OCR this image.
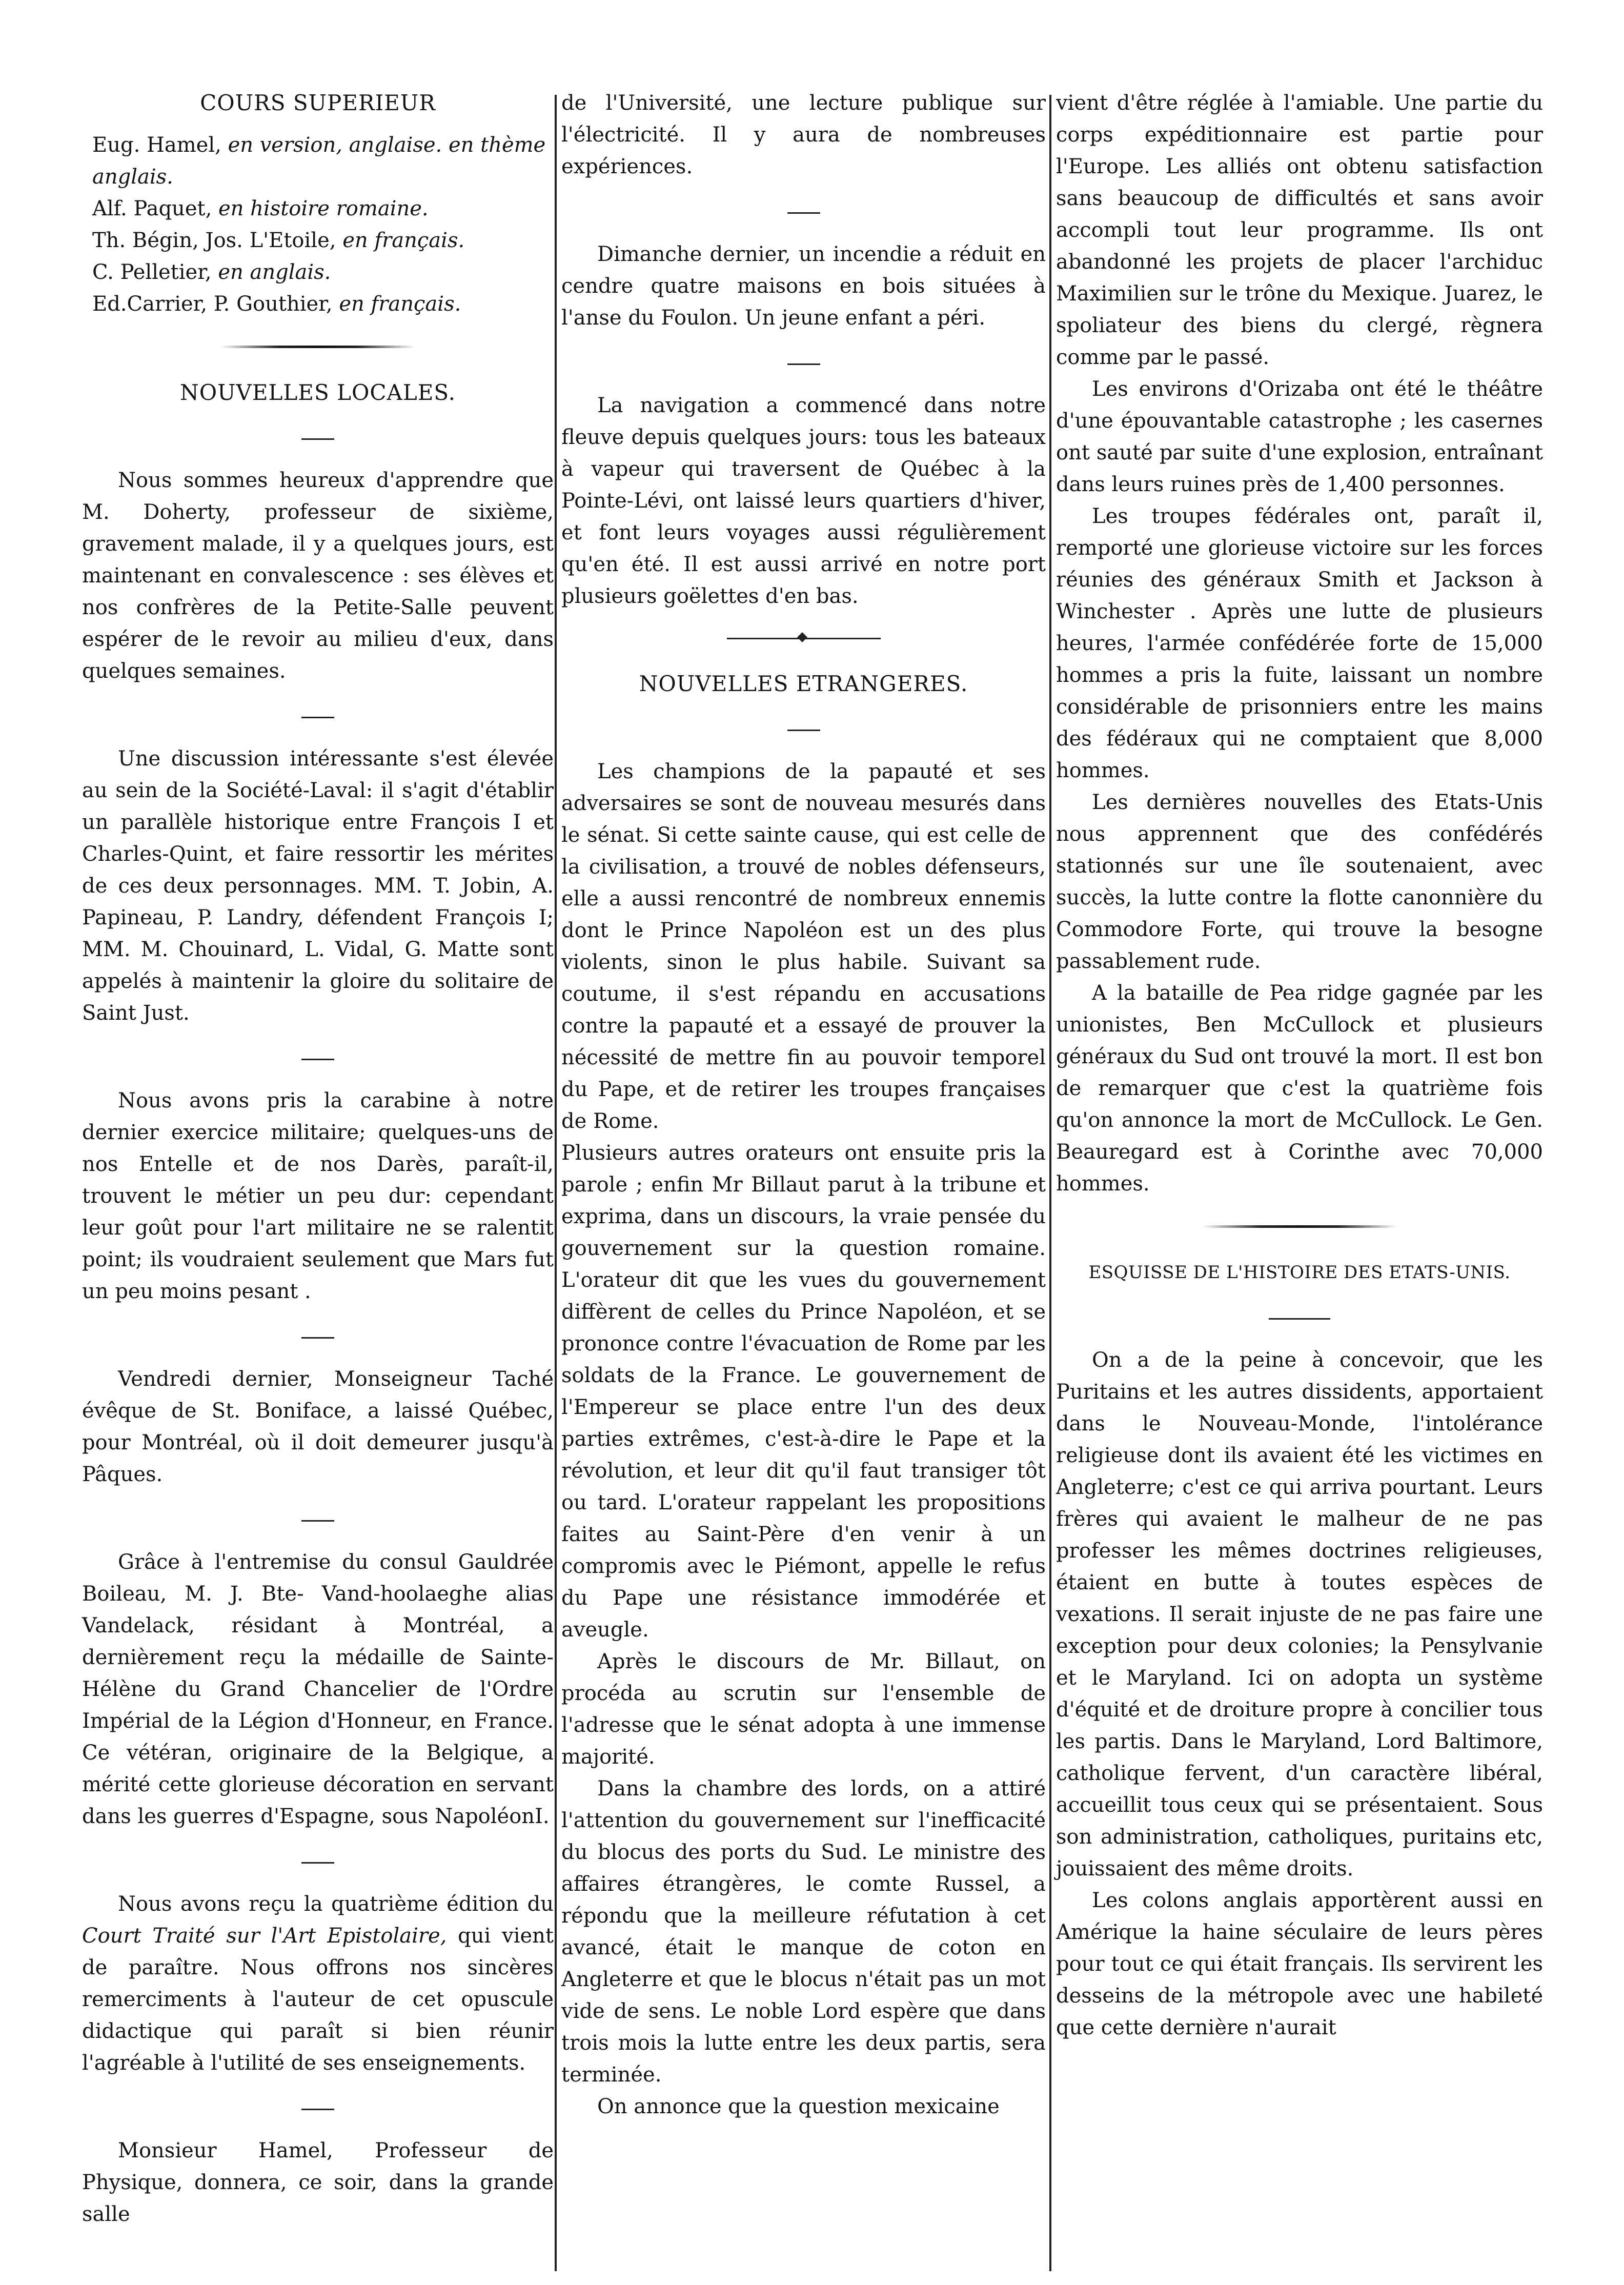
COURS SUPERIEUR

Eug. Hamel, en version, anglaise. en thème anglais.

Alf. Paquet, en histoire romaine.

Th. Bégin, Jos. L'Etoile, en français.

C. Pelletier, en anglais.

Ed.Carrier, P. Gouthier, en français.

NOUVELLES LOCALES.

Nous sommes heureux d'apprendre que M. Doherty, professeur de sixième, gravement malade, il y a quelques jours, est maintenant en convalescence : ses élèves et nos confrères de la Petite-Salle peuvent espérer de le revoir au milieu d'eux, dans quelques semaines.

Une discussion intéressante s'est élevée au sein de la Société-Laval: il s'agit d'établir un parallèle historique entre François I et Charles-Quint, et faire ressortir les mérites de ces deux personnages. MM. T. Jobin, A. Papineau, P. Landry, défendent François I; MM. M. Chouinard, L. Vidal, G. Matte sont appelés à maintenir la gloire du solitaire de Saint Just.

Nous avons pris la carabine à notre dernier exercice militaire; quelques-uns de nos Entelle et de nos Darès, paraît-il, trouvent le métier un peu dur: cependant leur goût pour l'art militaire ne se ralentit point; ils voudraient seulement que Mars fut un peu moins pesant .

Vendredi dernier, Monseigneur Taché évêque de St. Boniface, a laissé Québec, pour Montréal, où il doit demeurer jusqu'à Pâques.

Grâce à l'entremise du consul Gauldrée Boileau, M. J. Bte- Vand-hoolaeghe alias Vandelack, résidant à Montréal, a dernièrement reçu la médaille de Sainte-Hélène du Grand Chancelier de l'Ordre Impérial de la Légion d'Honneur, en France. Ce vétéran, originaire de la Belgique, a mérité cette glorieuse décoration en servant dans les guerres d'Espagne, sous NapoléonI.

Nous avons reçu la quatrième édition du Court Traité sur l'Art Epistolaire, qui vient de paraître. Nous offrons nos sincères remerciments à l'auteur de cet opuscule didactique qui paraît si bien réunir l'agréable à l'utilité de ses enseignements.

Monsieur Hamel, Professeur de Physique, donnera, ce soir, dans la grande salle

de l'Université, une lecture publique sur l'électricité. Il y aura de nombreuses expériences.

Dimanche dernier, un incendie a réduit en cendre quatre maisons en bois situées à l'anse du Foulon. Un jeune enfant a péri.

La navigation a commencé dans notre fleuve depuis quelques jours: tous les bateaux à vapeur qui traversent de Québec à la Pointe-Lévi, ont laissé leurs quartiers d'hiver, et font leurs voyages aussi régulièrement qu'en été. Il est aussi arrivé en notre port plusieurs goëlettes d'en bas.

NOUVELLES ETRANGERES.

Les champions de la papauté et ses adversaires se sont de nouveau mesurés dans le sénat. Si cette sainte cause, qui est celle de la civilisation, a trouvé de nobles défenseurs, elle a aussi rencontré de nombreux ennemis dont le Prince Napoléon est un des plus violents, sinon le plus habile. Suivant sa coutume, il s'est répandu en accusations contre la papauté et a essayé de prouver la nécessité de mettre fin au pouvoir temporel du Pape, et de retirer les troupes françaises de Rome.

Plusieurs autres orateurs ont ensuite pris la parole ; enfin Mr Billaut parut à la tribune et exprima, dans un discours, la vraie pensée du gouvernement sur la question romaine. L'orateur dit que les vues du gouvernement diffèrent de celles du Prince Napoléon, et se prononce contre l'évacuation de Rome par les soldats de la France. Le gouvernement de l'Empereur se place entre l'un des deux parties extrêmes, c'est-à-dire le Pape et la révolution, et leur dit qu'il faut transiger tôt ou tard. L'orateur rappelant les propositions faites au Saint-Père d'en venir à un compromis avec le Piémont, appelle le refus du Pape une résistance immodérée et aveugle.

Après le discours de Mr. Billaut, on procéda au scrutin sur l'ensemble de l'adresse que le sénat adopta à une immense majorité.

Dans la chambre des lords, on a attiré l'attention du gouvernement sur l'inefficacité du blocus des ports du Sud. Le ministre des affaires étrangères, le comte Russel, a répondu que la meilleure réfutation à cet avancé, était le manque de coton en Angleterre et que le blocus n'était pas un mot vide de sens. Le noble Lord espère que dans trois mois la lutte entre les deux partis, sera terminée.

On annonce que la question mexicaine

vient d'être réglée à l'amiable. Une partie du corps expéditionnaire est partie pour l'Europe. Les alliés ont obtenu satisfaction sans beaucoup de difficultés et sans avoir accompli tout leur programme. Ils ont abandonné les projets de placer l'archiduc Maximilien sur le trône du Mexique. Juarez, le spoliateur des biens du clergé, règnera comme par le passé.

Les environs d'Orizaba ont été le théâtre d'une épouvantable catastrophe ; les casernes ont sauté par suite d'une explosion, entraînant dans leurs ruines près de 1,400 personnes.

Les troupes fédérales ont, paraît il, remporté une glorieuse victoire sur les forces réunies des généraux Smith et Jackson à Winchester . Après une lutte de plusieurs heures, l'armée confédérée forte de 15,000 hommes a pris la fuite, laissant un nombre considérable de prisonniers entre les mains des fédéraux qui ne comptaient que 8,000 hommes.

Les dernières nouvelles des Etats-Unis nous apprennent que des confédérés stationnés sur une île soutenaient, avec succès, la lutte contre la flotte canonnière du Commodore Forte, qui trouve la besogne passablement rude.

A la bataille de Pea ridge gagnée par les unionistes, Ben McCullock et plusieurs généraux du Sud ont trouvé la mort. Il est bon de remarquer que c'est la quatrième fois qu'on annonce la mort de McCullock. Le Gen. Beauregard est à Corinthe avec 70,000 hommes.

ESQUISSE DE L'HISTOIRE DES ETATS-UNIS.

On a de la peine à concevoir, que les Puritains et les autres dissidents, apportaient dans le Nouveau-Monde, l'intolérance religieuse dont ils avaient été les victimes en Angleterre; c'est ce qui arriva pourtant. Leurs frères qui avaient le malheur de ne pas professer les mêmes doctrines religieuses, étaient en butte à toutes espèces de vexations. Il serait injuste de ne pas faire une exception pour deux colonies; la Pensylvanie et le Maryland. Ici on adopta un système d'équité et de droiture propre à concilier tous les partis. Dans le Maryland, Lord Baltimore, catholique fervent, d'un caractère libéral, accueillit tous ceux qui se présentaient. Sous son administration, catholiques, puritains etc, jouissaient des même droits.

Les colons anglais apportèrent aussi en Amérique la haine séculaire de leurs pères pour tout ce qui était français. Ils servirent les desseins de la métropole avec une habileté que cette dernière n'aurait
